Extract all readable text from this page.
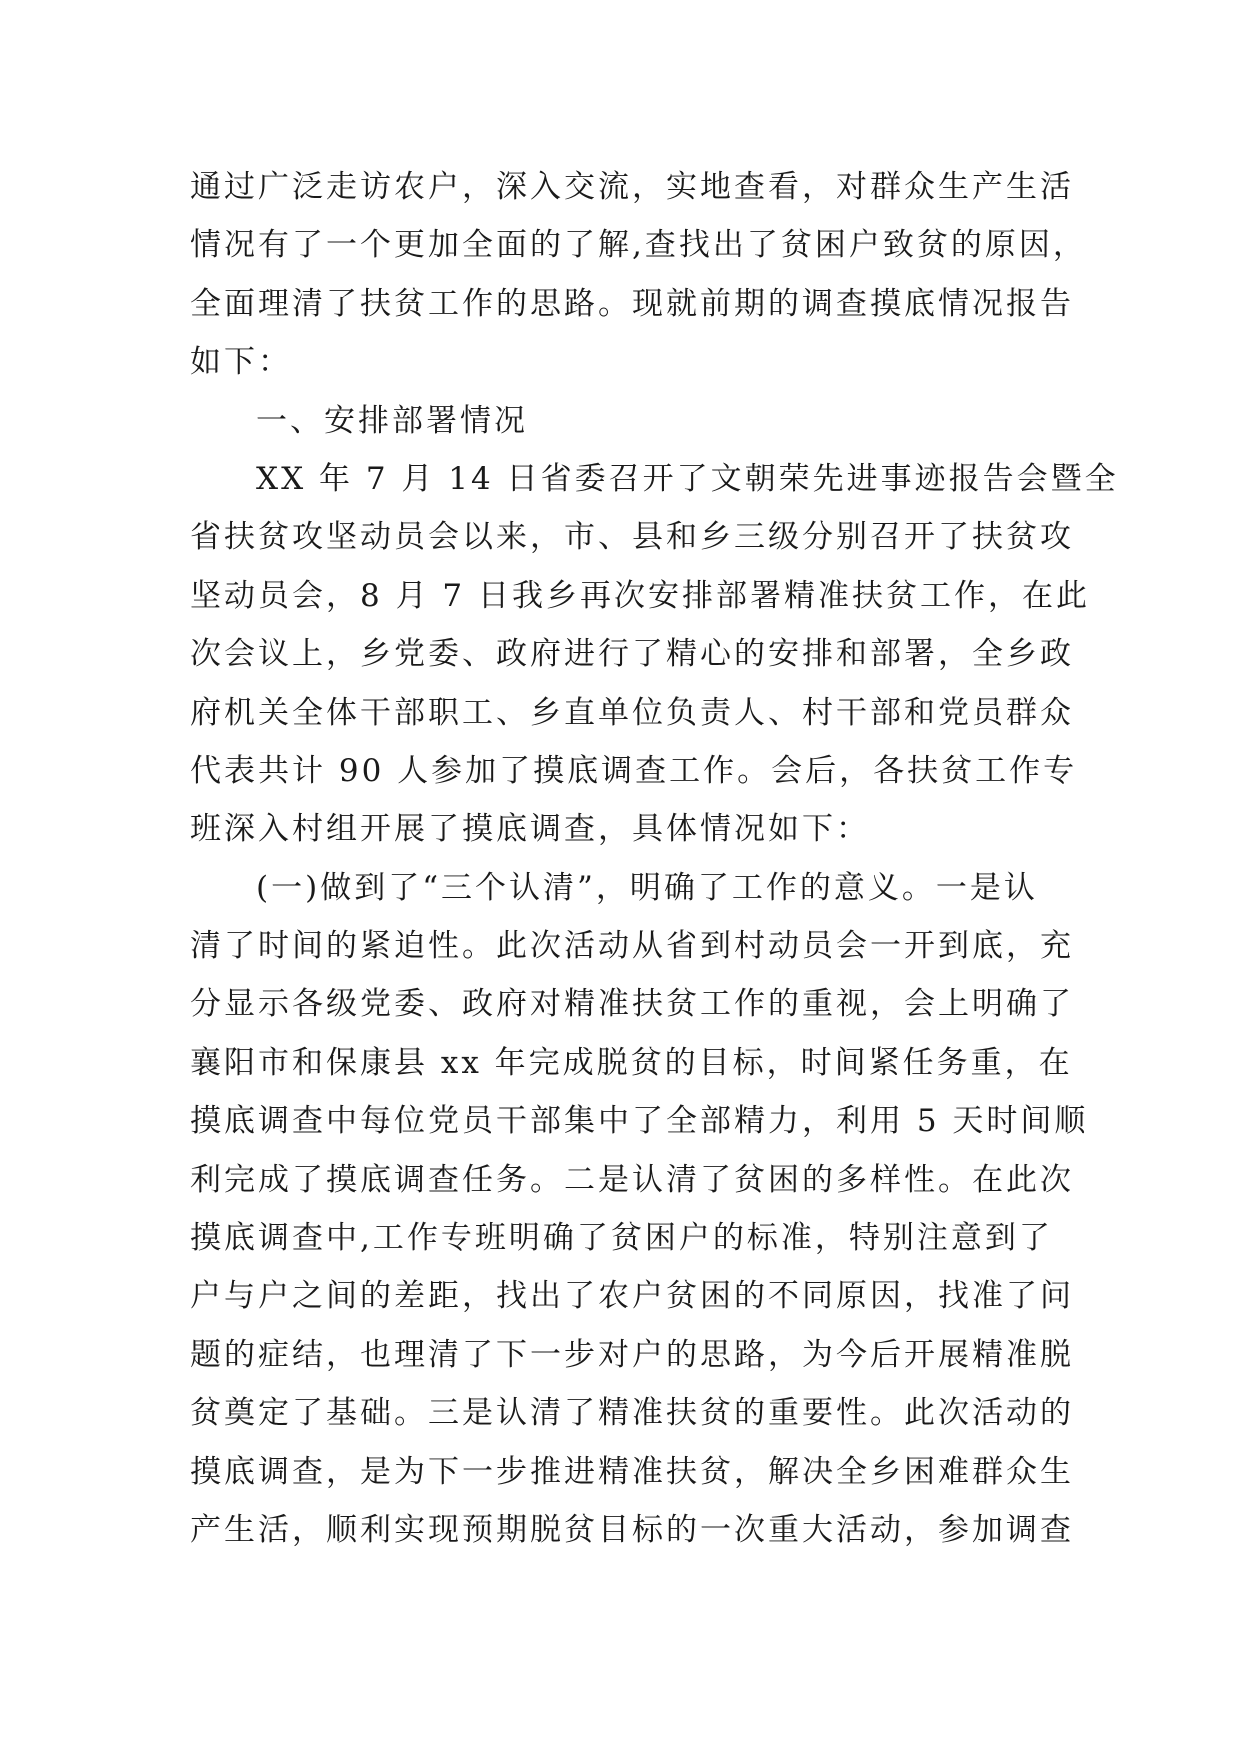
通过广泛走访农户，深入交流，实地查看，对群众生产生活
情况有了一个更加全面的了解,查找出了贫困户致贫的原因，
全面理清了扶贫工作的思路。现就前期的调查摸底情况报告
如下：
一、安排部署情况
XX 年 7 月 14 日省委召开了文朝荣先进事迹报告会暨全
省扶贫攻坚动员会以来，市、县和乡三级分别召开了扶贫攻
坚动员会，8 月 7 日我乡再次安排部署精准扶贫工作，在此
次会议上，乡党委、政府进行了精心的安排和部署，全乡政
府机关全体干部职工、乡直单位负责人、村干部和党员群众
代表共计 90 人参加了摸底调查工作。会后，各扶贫工作专
班深入村组开展了摸底调查，具体情况如下：
(一)做到了“三个认清”，明确了工作的意义。一是认
清了时间的紧迫性。此次活动从省到村动员会一开到底，充
分显示各级党委、政府对精准扶贫工作的重视，会上明确了
襄阳市和保康县 xx 年完成脱贫的目标，时间紧任务重，在
摸底调查中每位党员干部集中了全部精力，利用 5 天时间顺
利完成了摸底调查任务。二是认清了贫困的多样性。在此次
摸底调查中,工作专班明确了贫困户的标准，特别注意到了
户与户之间的差距，找出了农户贫困的不同原因，找准了问
题的症结，也理清了下一步对户的思路，为今后开展精准脱
贫奠定了基础。三是认清了精准扶贫的重要性。此次活动的
摸底调查，是为下一步推进精准扶贫，解决全乡困难群众生
产生活，顺利实现预期脱贫目标的一次重大活动，参加调查
